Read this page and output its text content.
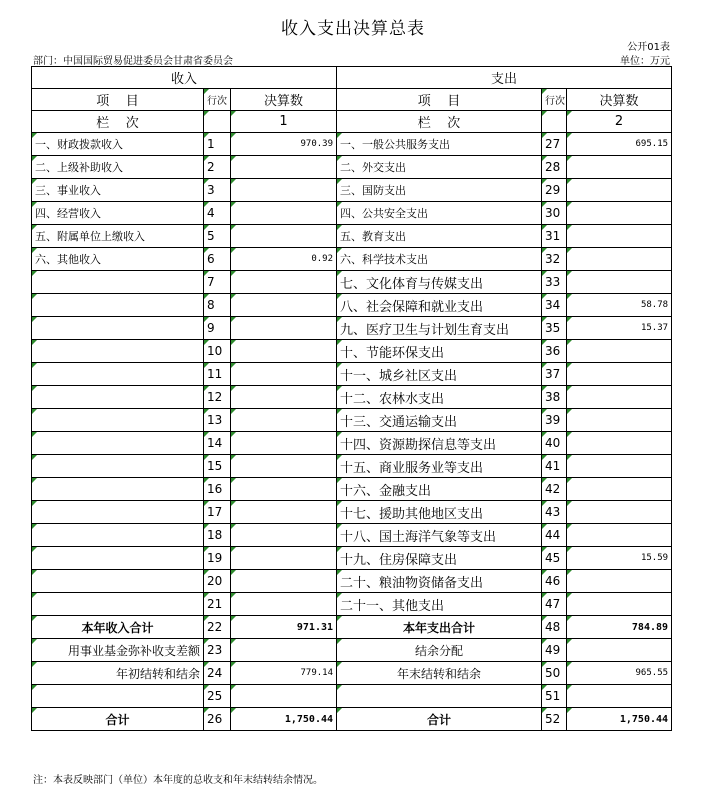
收入支出决算总表
公开01表
部门：中国国际贸易促进委员会甘肃省委员会	单位：万元
收入			支出		
项    目	行次	决算数	项    目	行次	决算数
栏    次		1	栏    次		2
一、财政拨款收入	1	970.39	一、一般公共服务支出	27	695.15
二、上级补助收入	2		二、外交支出	28	
三、事业收入	3		三、国防支出	29	
四、经营收入	4		四、公共安全支出	30	
五、附属单位上缴收入	5		五、教育支出	31	
六、其他收入	6	0.92	六、科学技术支出	32	
	7		七、文化体育与传媒支出	33	
	8		八、社会保障和就业支出	34	58.78
	9		九、医疗卫生与计划生育支出	35	15.37
	10		十、节能环保支出	36	
	11		十一、城乡社区支出	37	
	12		十二、农林水支出	38	
	13		十三、交通运输支出	39	
	14		十四、资源勘探信息等支出	40	
	15		十五、商业服务业等支出	41	
	16		十六、金融支出	42	
	17		十七、援助其他地区支出	43	
	18		十八、国土海洋气象等支出	44	
	19		十九、住房保障支出	45	15.59
	20		二十、粮油物资储备支出	46	
	21		二十一、其他支出	47	
本年收入合计	22	971.31	本年支出合计	48	784.89
用事业基金弥补收支差额	23		结余分配	49	
年初结转和结余	24	779.14	年末结转和结余	50	965.55
	25			51	
合计	26	1,750.44	合计	52	1,750.44
注：本表反映部门（单位）本年度的总收支和年末结转结余情况。
